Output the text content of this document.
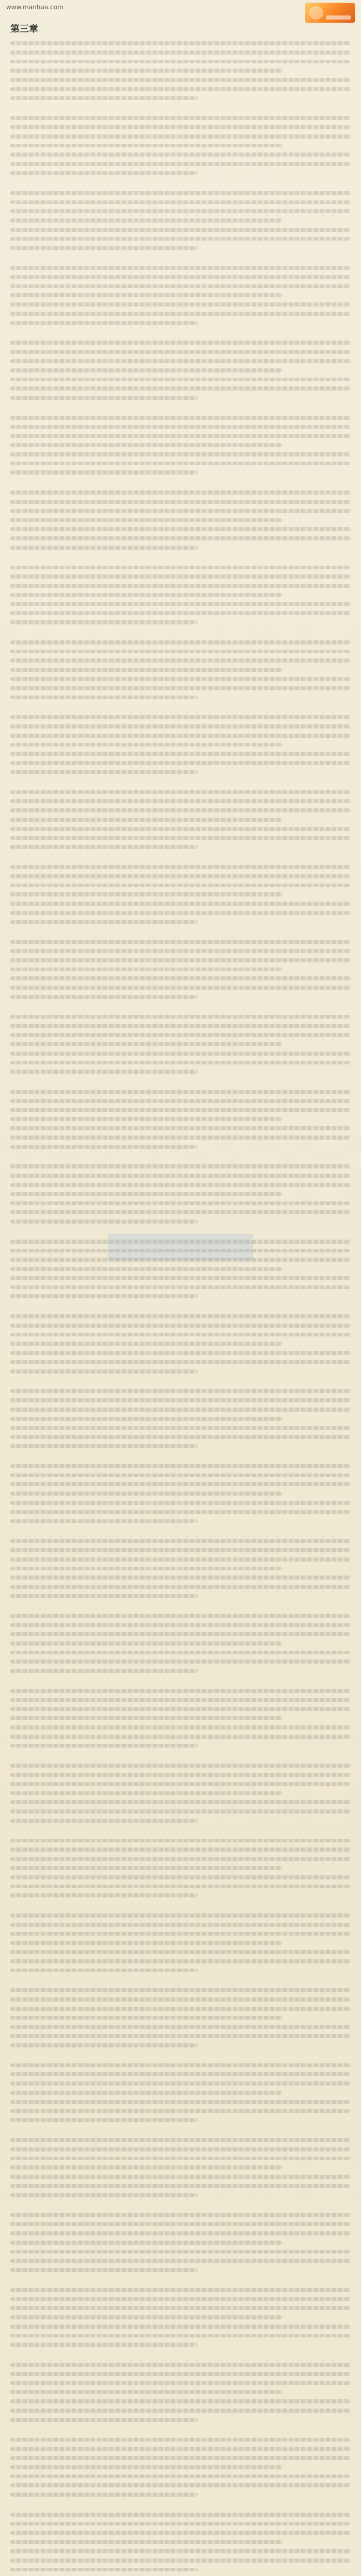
www.manhua.com
第三章
